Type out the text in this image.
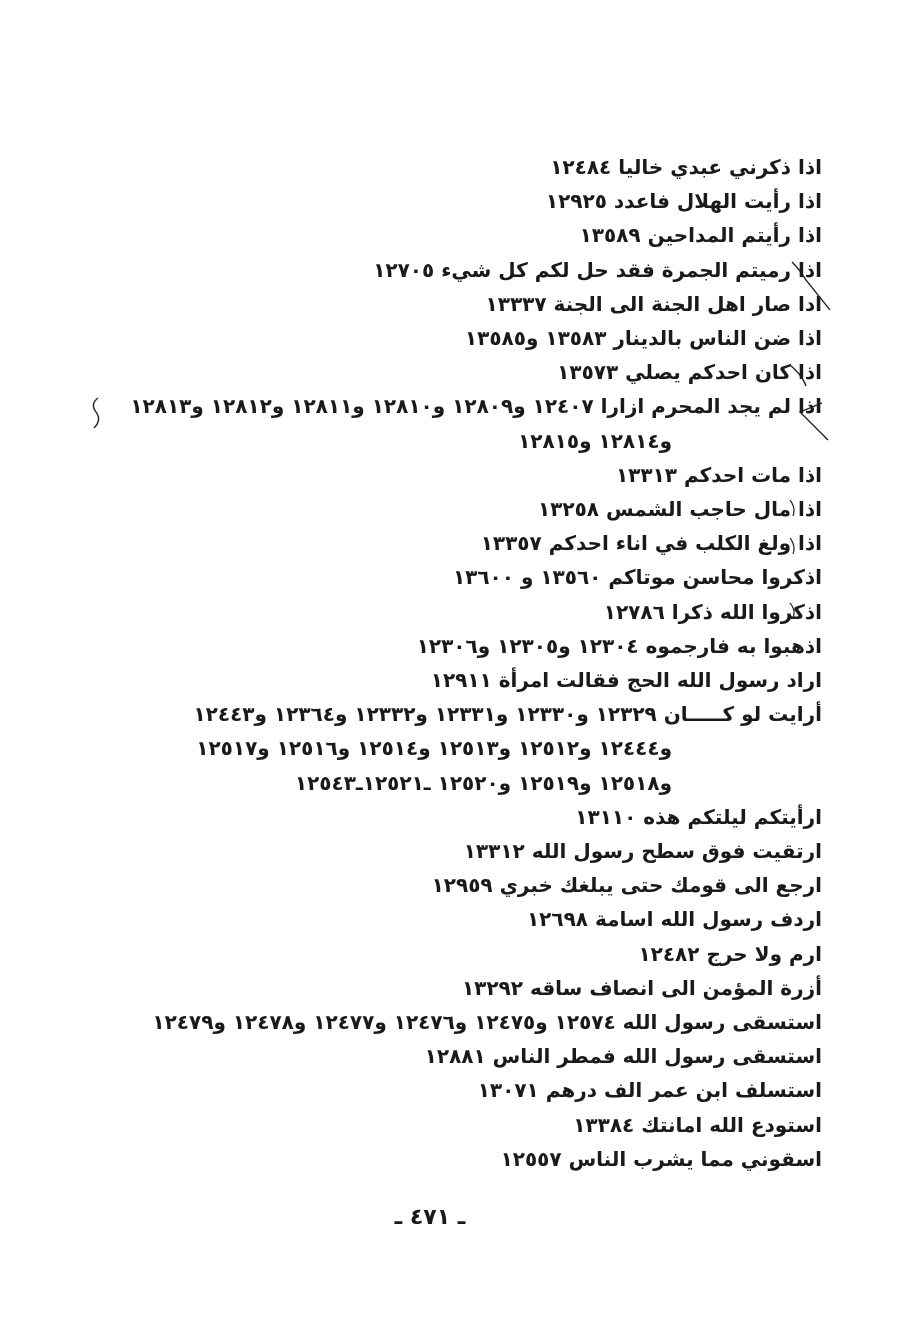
اذا ذكرني عبدي خاليا ١٢٤٨٤
اذا رأيت الهلال فاعدد ١٢٩٢٥
اذا رأيتم المداحين ١٣٥٨٩
اذا رميتم الجمرة فقد حل لكم كل شيء ١٢٧٠٥
ادا صار اهل الجنة الى الجنة ١٣٣٣٧
اذا ضن الناس بالدينار ١٣٥٨٣ و١٣٥٨٥
اذا كان احدكم يصلي ١٣٥٧٣
اذا لم يجد المحرم ازارا ١٢٤٠٧ و١٢٨٠٩ و١٢٨١٠ و١٢٨١١ و١٢٨١٢ و١٢٨١٣
و١٢٨١٤ و١٢٨١٥
اذا مات احدكم ١٣٣١٣
اذا مال حاجب الشمس ١٣٢٥٨
اذا ولغ الكلب في اناء احدكم ١٣٣٥٧
اذكروا محاسن موتاكم ١٣٥٦٠ و ١٣٦٠٠
اذكروا الله ذكرا ١٢٧٨٦
اذهبوا به فارجموه ١٢٣٠٤ و١٢٣٠٥ و١٢٣٠٦
اراد رسول الله الحج فقالت امرأة ١٢٩١١
أرايت لو كـــــان ١٢٣٢٩ و١٢٣٣٠ و١٢٣٣١ و١٢٣٣٢ و١٢٣٦٤ و١٢٤٤٣
و١٢٤٤٤ و١٢٥١٢ و١٢٥١٣ و١٢٥١٤ و١٢٥١٦ و١٢٥١٧
و١٢٥١٨ و١٢٥١٩ و١٢٥٢٠ ـ١٢٥٢١ـ١٢٥٤٣
ارأيتكم ليلتكم هذه ١٣١١٠
ارتقيت فوق سطح رسول الله ١٣٣١٢
ارجع الى قومك حتى يبلغك خبري ١٢٩٥٩
اردف رسول الله اسامة ١٢٦٩٨
ارم ولا حرج ١٢٤٨٢
أزرة المؤمن الى انصاف ساقه ١٣٢٩٢
استسقى رسول الله ١٢٥٧٤ و١٢٤٧٥ و١٢٤٧٦ و١٢٤٧٧ و١٢٤٧٨ و١٢٤٧٩
استسقى رسول الله فمطر الناس ١٢٨٨١
استسلف ابن عمر الف درهم ١٣٠٧١
استودع الله امانتك ١٣٣٨٤
اسقوني مما يشرب الناس ١٢٥٥٧
ـ ٤٧١ ـ
